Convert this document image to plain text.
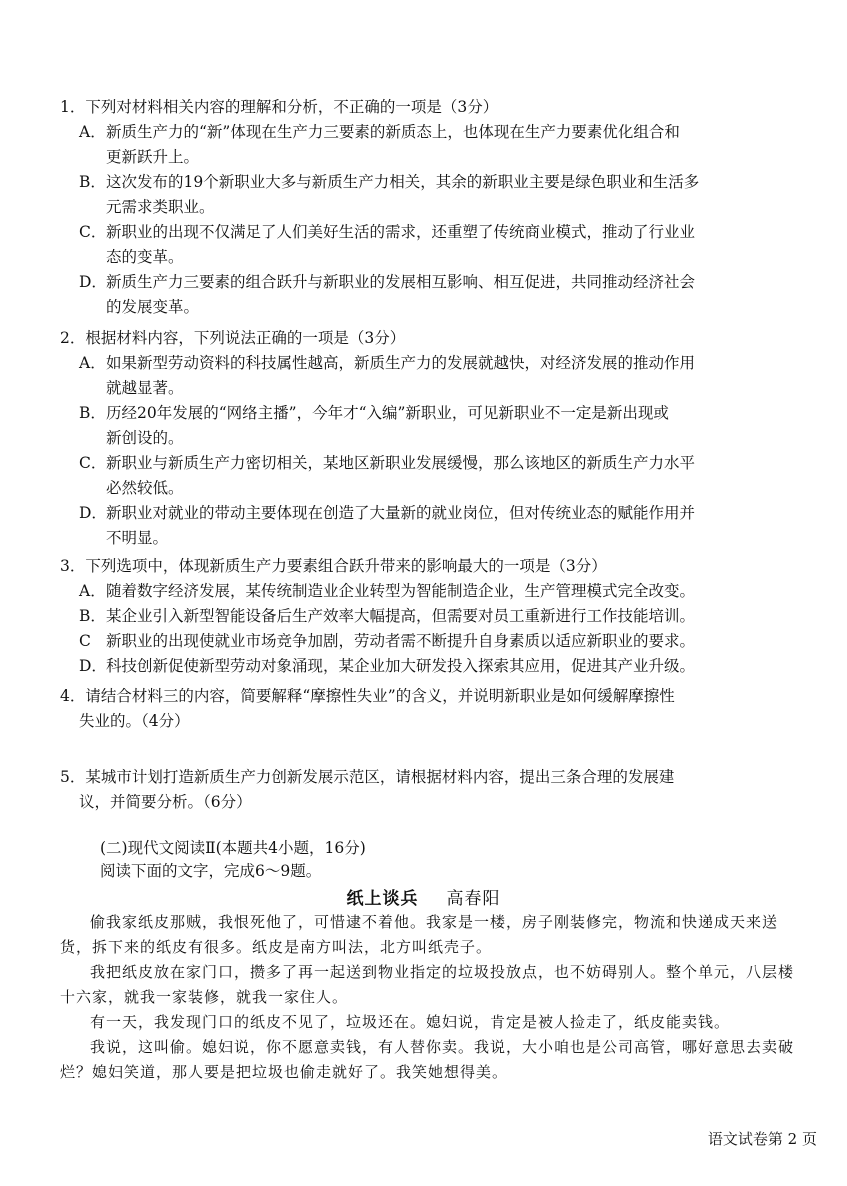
1．下列对材料相关内容的理解和分析，不正确的一项是（3分）
A．新质生产力的“新”体现在生产力三要素的新质态上，也体现在生产力要素优化组合和
更新跃升上。
B．这次发布的19个新职业大多与新质生产力相关，其余的新职业主要是绿色职业和生活多
元需求类职业。
C．新职业的出现不仅满足了人们美好生活的需求，还重塑了传统商业模式，推动了行业业
态的变革。
D．新质生产力三要素的组合跃升与新职业的发展相互影响、相互促进，共同推动经济社会
的发展变革。
2．根据材料内容，下列说法正确的一项是（3分）
A．如果新型劳动资料的科技属性越高，新质生产力的发展就越快，对经济发展的推动作用
就越显著。
B．历经20年发展的“网络主播”，今年才“入编”新职业，可见新职业不一定是新出现或
新创设的。
C．新职业与新质生产力密切相关，某地区新职业发展缓慢，那么该地区的新质生产力水平
必然较低。
D．新职业对就业的带动主要体现在创造了大量新的就业岗位，但对传统业态的赋能作用并
不明显。
3．下列选项中，体现新质生产力要素组合跃升带来的影响最大的一项是（3分）
A．随着数字经济发展，某传统制造业企业转型为智能制造企业，生产管理模式完全改变。
B．某企业引入新型智能设备后生产效率大幅提高，但需要对员工重新进行工作技能培训。
C 新职业的出现使就业市场竞争加剧，劳动者需不断提升自身素质以适应新职业的要求。
D．科技创新促使新型劳动对象涌现，某企业加大研发投入探索其应用，促进其产业升级。
4．请结合材料三的内容，简要解释“摩擦性失业”的含义，并说明新职业是如何缓解摩擦性
失业的。（4分）
5．某城市计划打造新质生产力创新发展示范区，请根据材料内容，提出三条合理的发展建
议，并简要分析。（6分）
(二)现代文阅读Ⅱ(本题共4小题，16分)
阅读下面的文字，完成6～9题。
纸上谈兵 高春阳

偷我家纸皮那贼，我恨死他了，可惜逮不着他。我家是一楼，房子刚装修完，物流和快递成天来送货，拆下来的纸皮有很多。纸皮是南方叫法，北方叫纸壳子。

我把纸皮放在家门口，攒多了再一起送到物业指定的垃圾投放点，也不妨碍别人。整个单元，八层楼十六家，就我一家装修，就我一家住人。

有一天，我发现门口的纸皮不见了，垃圾还在。媳妇说，肯定是被人捡走了，纸皮能卖钱。

我说，这叫偷。媳妇说，你不愿意卖钱，有人替你卖。我说，大小咱也是公司高管，哪好意思去卖破烂？媳妇笑道，那人要是把垃圾也偷走就好了。我笑她想得美。

语文试卷第 2 页
